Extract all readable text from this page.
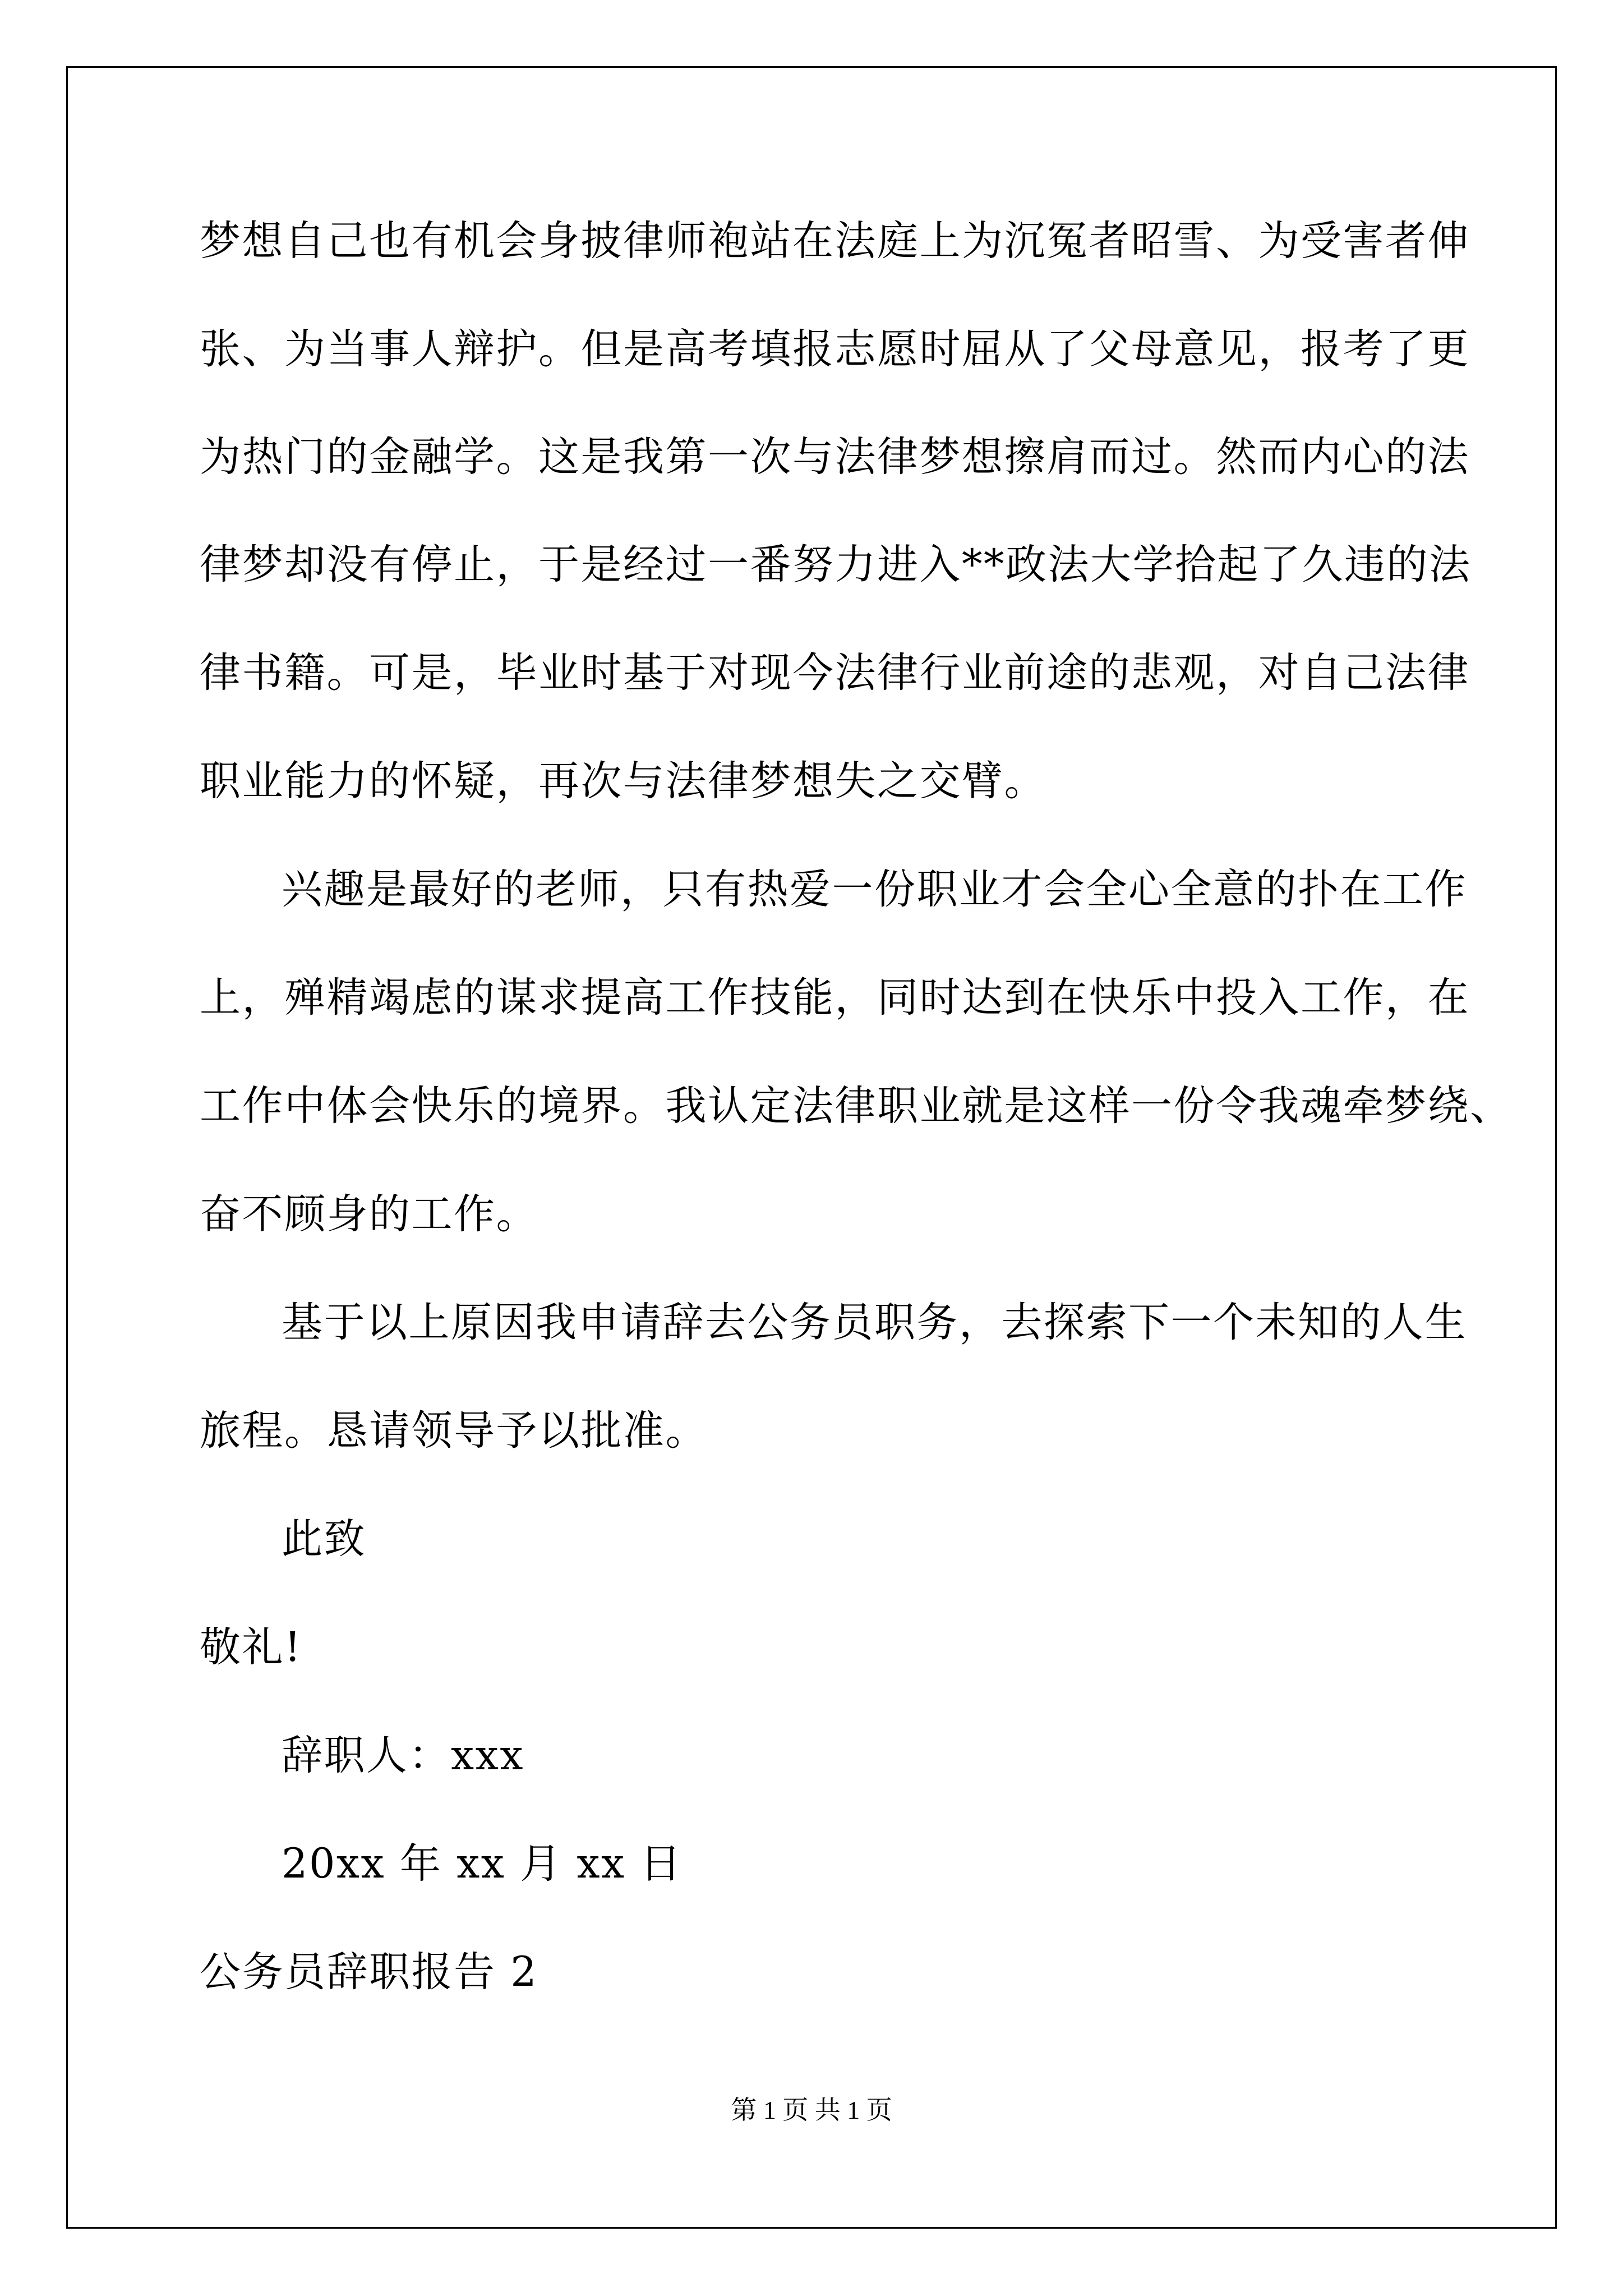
梦想自己也有机会身披律师袍站在法庭上为沉冤者昭雪、为受害者伸

张、为当事人辩护。但是高考填报志愿时屈从了父母意见，报考了更

为热门的金融学。这是我第一次与法律梦想擦肩而过。然而内心的法

律梦却没有停止，于是经过一番努力进入**政法大学拾起了久违的法

律书籍。可是，毕业时基于对现今法律行业前途的悲观，对自己法律

职业能力的怀疑，再次与法律梦想失之交臂。

兴趣是最好的老师，只有热爱一份职业才会全心全意的扑在工作

上，殚精竭虑的谋求提高工作技能，同时达到在快乐中投入工作，在

工作中体会快乐的境界。我认定法律职业就是这样一份令我魂牵梦绕、

奋不顾身的工作。

基于以上原因我申请辞去公务员职务，去探索下一个未知的人生

旅程。恳请领导予以批准。

此致

敬礼!

辞职人：xxx

20xx 年 xx 月 xx 日

公务员辞职报告 2

第 1 页 共 1 页
